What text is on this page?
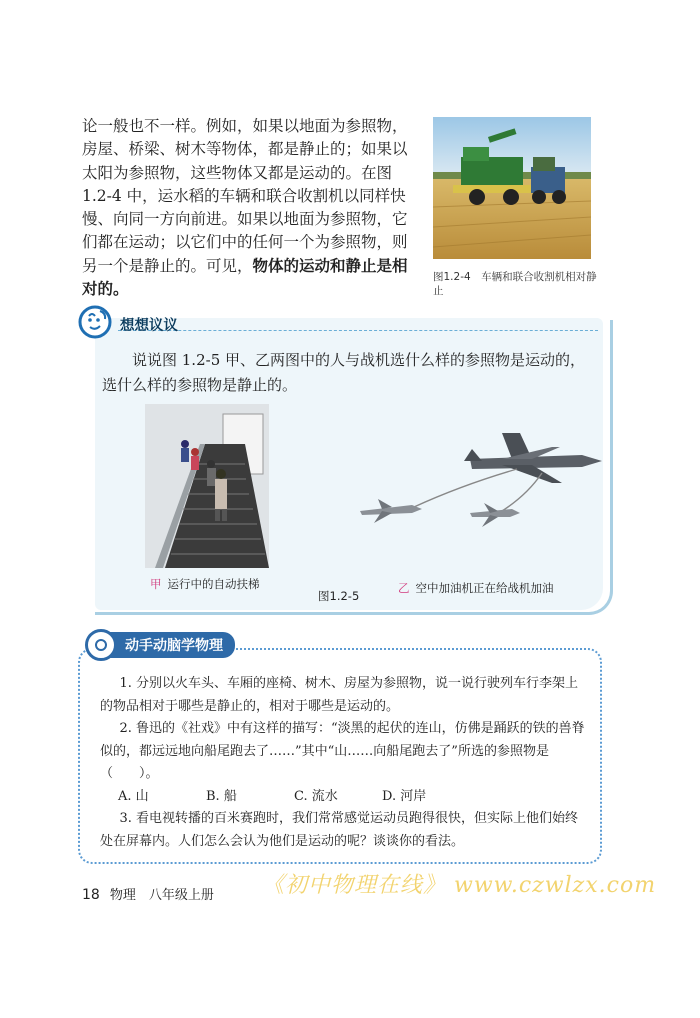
论一般也不一样。例如，如果以地面为参照物，房屋、桥梁、树木等物体，都是静止的；如果以太阳为参照物，这些物体又都是运动的。在图 1.2-4 中，运水稻的车辆和联合收割机以同样快慢、向同一方向前进。如果以地面为参照物，它们都在运动；以它们中的任何一个为参照物，则另一个是静止的。可见，物体的运动和静止是相对的。
图1.2-4　车辆和联合收割机相对静止
想想议议
说说图 1.2-5 甲、乙两图中的人与战机选什么样的参照物是运动的，选什么样的参照物是静止的。
甲 运行中的自动扶梯
图1.2-5
乙 空中加油机正在给战机加油
动手动脑学物理

1. 分别以火车头、车厢的座椅、树木、房屋为参照物，说一说行驶列车行李架上的物品相对于哪些是静止的，相对于哪些是运动的。

2. 鲁迅的《社戏》中有这样的描写：“淡黑的起伏的连山，仿佛是踊跃的铁的兽脊似的，都远远地向船尾跑去了……”其中“山……向船尾跑去了”所选的参照物是（　　）。

A. 山	B. 船	C. 流水	D. 河岸

3. 看电视转播的百米赛跑时，我们常常感觉运动员跑得很快，但实际上他们始终处在屏幕内。人们怎么会认为他们是运动的呢？谈谈你的看法。

18 物理　八年级上册 《初中物理在线》 www.czwlzx.com
